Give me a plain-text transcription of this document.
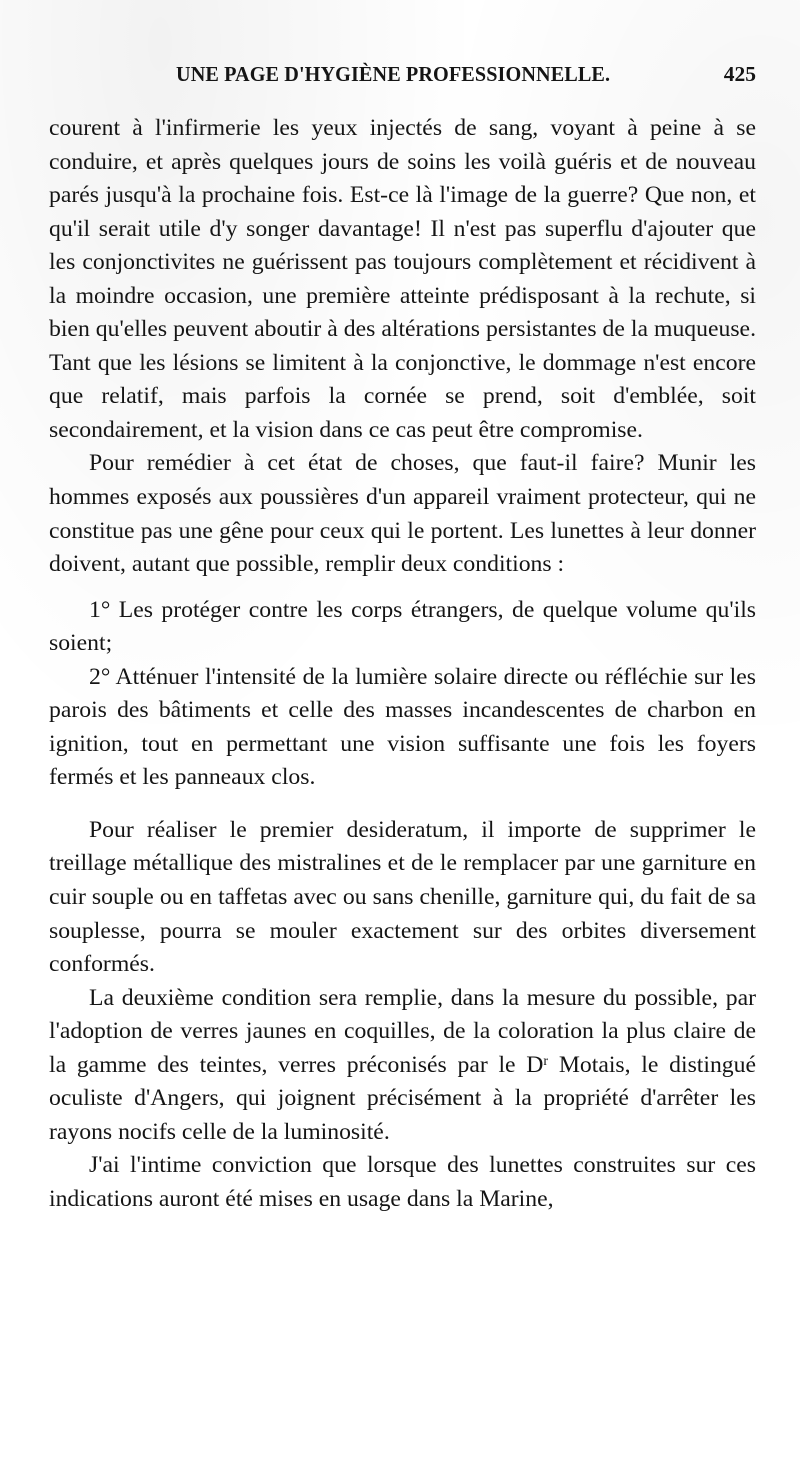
UNE PAGE D'HYGIÈNE PROFESSIONNELLE.	425

courent à l'infirmerie les yeux injectés de sang, voyant à peine à se conduire, et après quelques jours de soins les voilà guéris et de nouveau parés jusqu'à la prochaine fois. Est-ce là l'image de la guerre? Que non, et qu'il serait utile d'y songer davantage! Il n'est pas superflu d'ajouter que les conjonctivites ne guérissent pas toujours complètement et récidivent à la moindre occasion, une première atteinte prédisposant à la rechute, si bien qu'elles peuvent aboutir à des altérations persistantes de la muqueuse. Tant que les lésions se limitent à la conjonctive, le dommage n'est encore que relatif, mais parfois la cornée se prend, soit d'emblée, soit secondairement, et la vision dans ce cas peut être compromise.

Pour remédier à cet état de choses, que faut-il faire? Munir les hommes exposés aux poussières d'un appareil vraiment protecteur, qui ne constitue pas une gêne pour ceux qui le portent. Les lunettes à leur donner doivent, autant que possible, remplir deux conditions :

1° Les protéger contre les corps étrangers, de quelque volume qu'ils soient;

2° Atténuer l'intensité de la lumière solaire directe ou réfléchie sur les parois des bâtiments et celle des masses incandescentes de charbon en ignition, tout en permettant une vision suffisante une fois les foyers fermés et les panneaux clos.

Pour réaliser le premier desideratum, il importe de supprimer le treillage métallique des mistralines et de le remplacer par une garniture en cuir souple ou en taffetas avec ou sans chenille, garniture qui, du fait de sa souplesse, pourra se mouler exactement sur des orbites diversement conformés.

La deuxième condition sera remplie, dans la mesure du possible, par l'adoption de verres jaunes en coquilles, de la coloration la plus claire de la gamme des teintes, verres préconisés par le $D^r$ Motais, le distingué oculiste d'Angers, qui joignent précisément à la propriété d'arrêter les rayons nocifs celle de la luminosité.

J'ai l'intime conviction que lorsque des lunettes construites sur ces indications auront été mises en usage dans la Marine,
